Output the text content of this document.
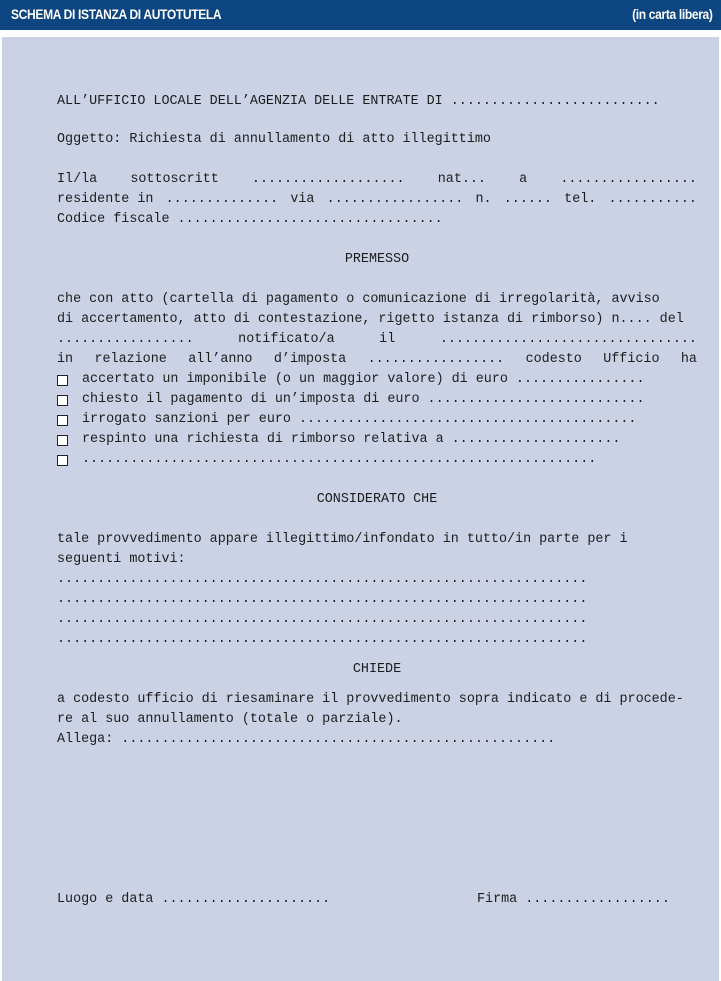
SCHEMA DI ISTANZA DI AUTOTUTELA	(in carta libera)
ALL’UFFICIO LOCALE DELL’AGENZIA DELLE ENTRATE DI ..........................
Oggetto: Richiesta di annullamento di atto illegittimo
Il/la sottoscritt ................... nat... a .................
residente in .............. via ................. n. ...... tel. ...........
Codice fiscale .................................
PREMESSO
che con atto (cartella di pagamento o comunicazione di irregolarità, avviso
di accertamento, atto di contestazione, rigetto istanza di rimborso) n.... del
.................	notificato/a	il	................................
in relazione all’anno d’imposta ................. codesto Ufficio ha
accertato un imponibile (o un maggior valore) di euro ................
chiesto il pagamento di un’imposta di euro ...........................
irrogato sanzioni per euro ..........................................
respinto una richiesta di rimborso relativa a .....................
................................................................
CONSIDERATO CHE
tale provvedimento appare illegittimo/infondato in tutto/in parte per i
seguenti motivi:
..................................................................
..................................................................
..................................................................
..................................................................
CHIEDE
a codesto ufficio di riesaminare il provvedimento sopra indicato e di procede-
re al suo annullamento (totale o parziale).
Allega: ......................................................
Luogo e data .....................	Firma ..................
